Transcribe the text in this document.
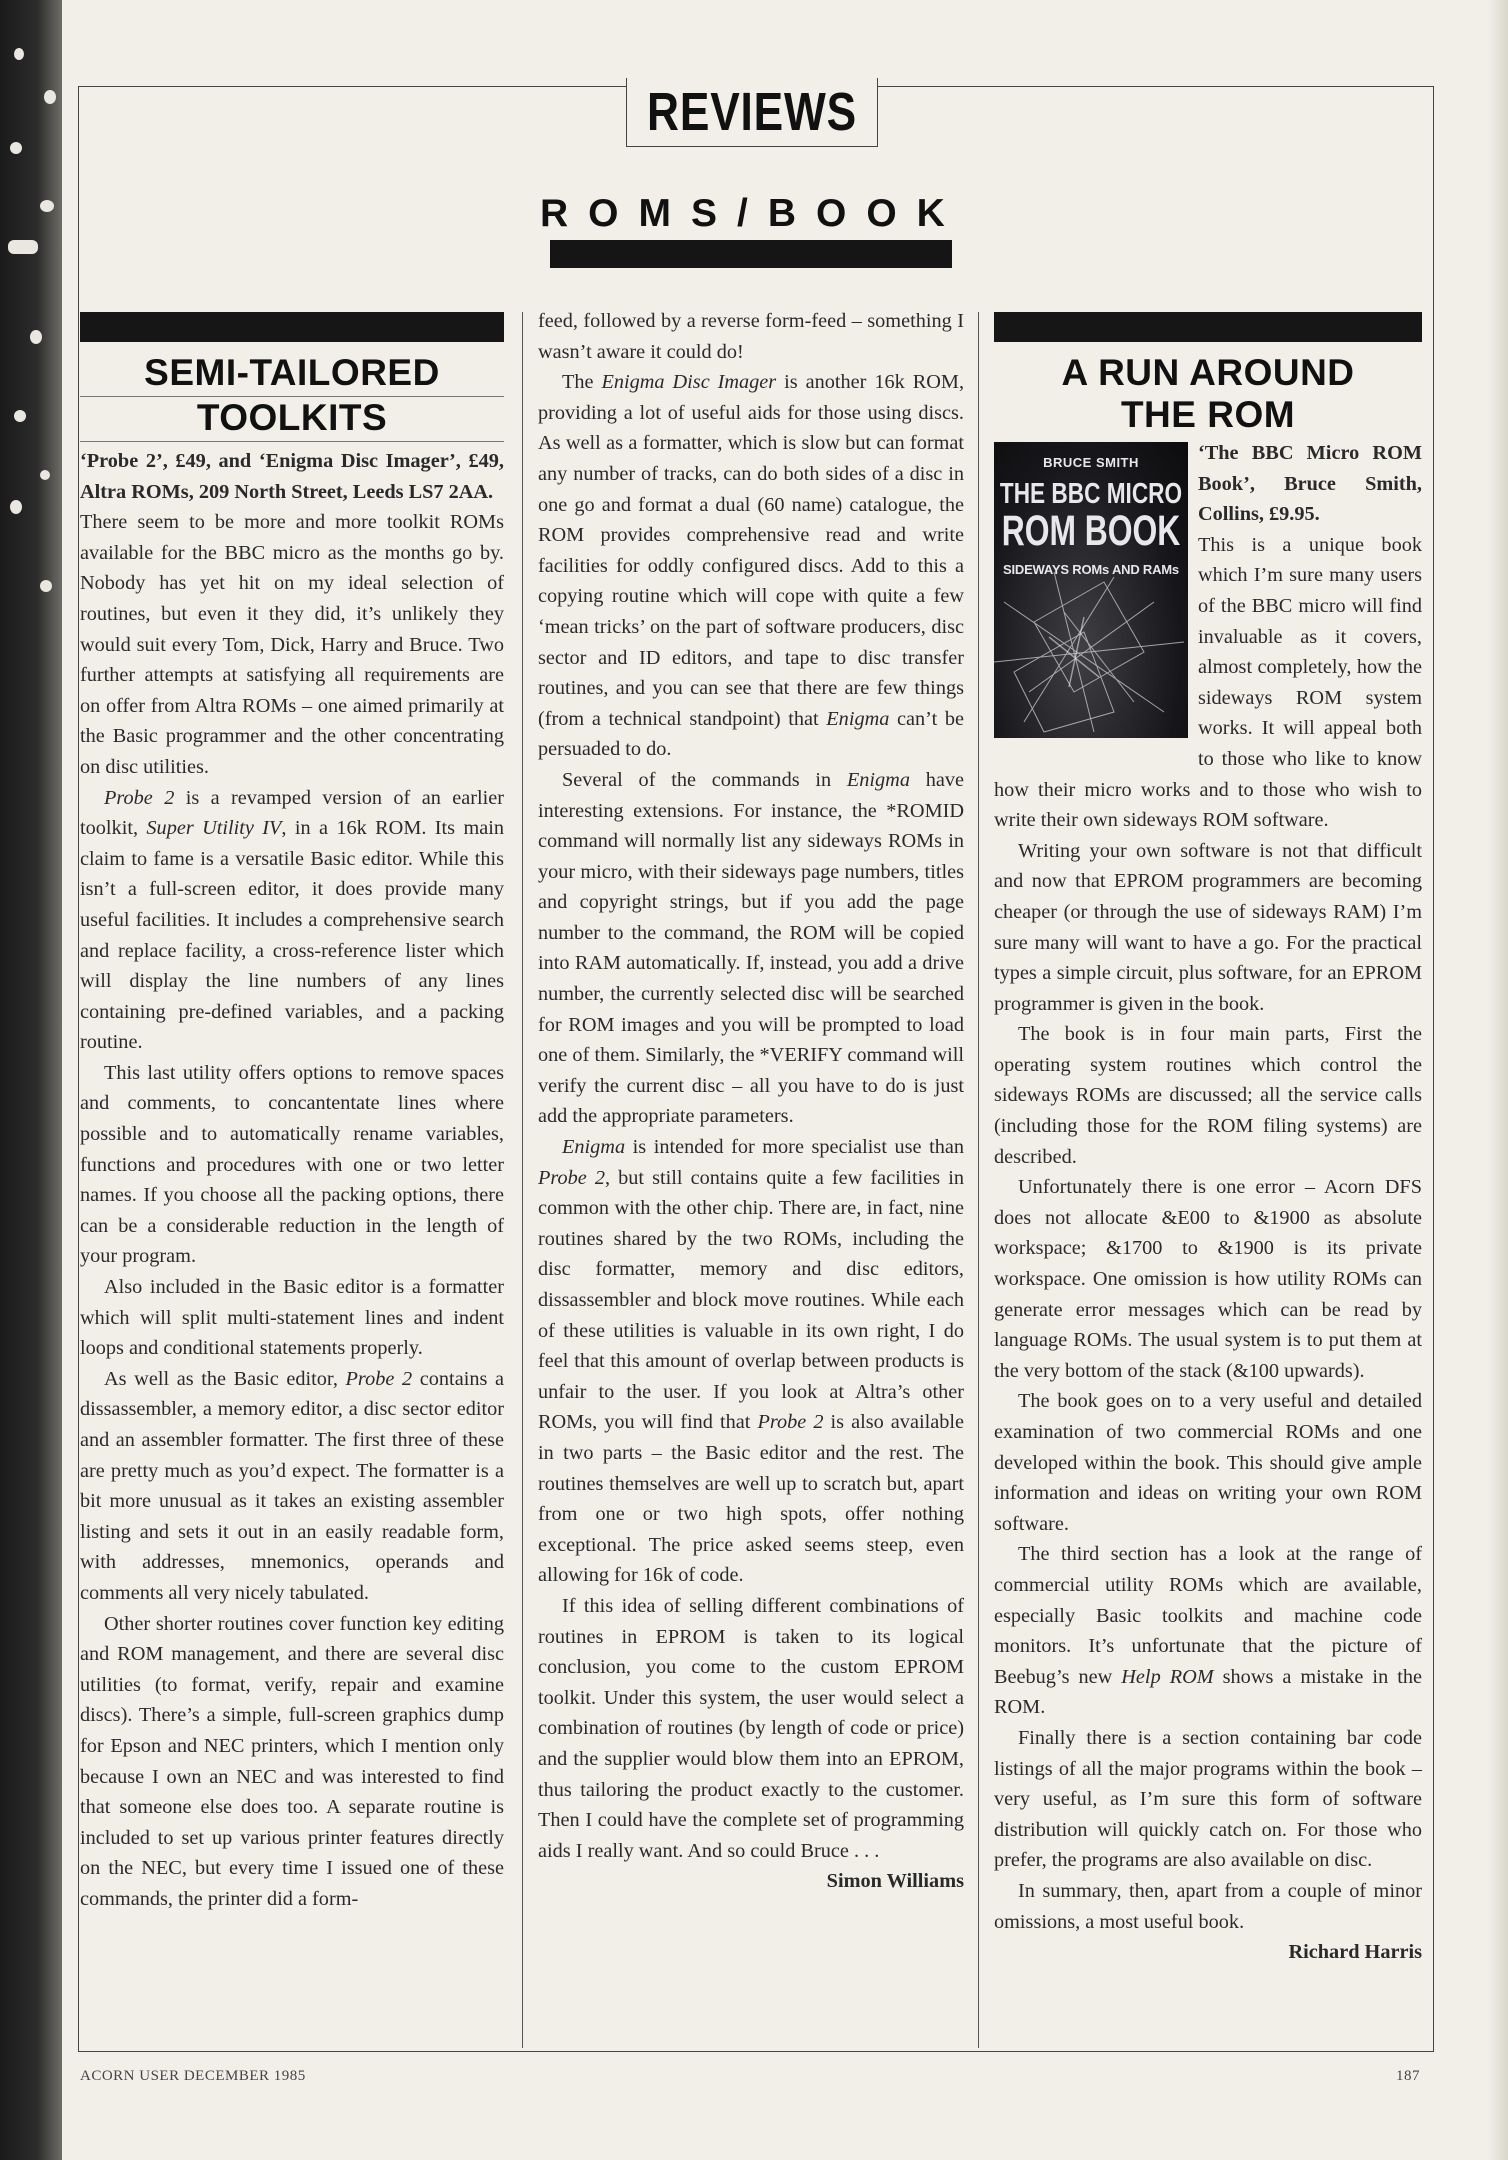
REVIEWS
ROMS/BOOK
SEMI-TAILORED
TOOLKITS

‘Probe 2’, £49, and ‘Enigma Disc Imager’, £49, Altra ROMs, 209 North Street, Leeds LS7 2AA.

There seem to be more and more toolkit ROMs available for the BBC micro as the months go by. Nobody has yet hit on my ideal selection of routines, but even it they did, it’s unlikely they would suit every Tom, Dick, Harry and Bruce. Two further attempts at satisfying all requirements are on offer from Altra ROMs – one aimed primarily at the Basic programmer and the other concentrating on disc utilities.

Probe 2 is a revamped version of an earlier toolkit, Super Utility IV, in a 16k ROM. Its main claim to fame is a versatile Basic editor. While this isn’t a full-screen editor, it does provide many useful facilities. It includes a comprehensive search and replace facility, a cross-reference lister which will display the line numbers of any lines containing pre-defined variables, and a packing routine.

This last utility offers options to remove spaces and comments, to concantentate lines where possible and to automatically rename variables, functions and procedures with one or two letter names. If you choose all the packing options, there can be a considerable reduction in the length of your program.

Also included in the Basic editor is a formatter which will split multi-statement lines and indent loops and conditional statements properly.

As well as the Basic editor, Probe 2 contains a dissassembler, a memory editor, a disc sector editor and an assembler formatter. The first three of these are pretty much as you’d expect. The formatter is a bit more unusual as it takes an existing assembler listing and sets it out in an easily readable form, with addresses, mnemonics, operands and comments all very nicely tabulated.

Other shorter routines cover function key editing and ROM management, and there are several disc utilities (to format, verify, repair and examine discs). There’s a simple, full-screen graphics dump for Epson and NEC printers, which I mention only because I own an NEC and was interested to find that someone else does too. A separate routine is included to set up various printer features directly on the NEC, but every time I issued one of these commands, the printer did a form-

feed, followed by a reverse form-feed – something I wasn’t aware it could do!

The Enigma Disc Imager is another 16k ROM, providing a lot of useful aids for those using discs. As well as a formatter, which is slow but can format any number of tracks, can do both sides of a disc in one go and format a dual (60 name) catalogue, the ROM provides comprehensive read and write facilities for oddly configured discs. Add to this a copying routine which will cope with quite a few ‘mean tricks’ on the part of software producers, disc sector and ID editors, and tape to disc transfer routines, and you can see that there are few things (from a technical standpoint) that Enigma can’t be persuaded to do.

Several of the commands in Enigma have interesting extensions. For instance, the *ROMID command will normally list any sideways ROMs in your micro, with their sideways page numbers, titles and copyright strings, but if you add the page number to the command, the ROM will be copied into RAM automatically. If, instead, you add a drive number, the currently selected disc will be searched for ROM images and you will be prompted to load one of them. Similarly, the *VERIFY command will verify the current disc – all you have to do is just add the appropriate parameters.

Enigma is intended for more specialist use than Probe 2, but still contains quite a few facilities in common with the other chip. There are, in fact, nine routines shared by the two ROMs, including the disc formatter, memory and disc editors, dissassembler and block move routines. While each of these utilities is valuable in its own right, I do feel that this amount of overlap between products is unfair to the user. If you look at Altra’s other ROMs, you will find that Probe 2 is also available in two parts – the Basic editor and the rest. The routines themselves are well up to scratch but, apart from one or two high spots, offer nothing exceptional. The price asked seems steep, even allowing for 16k of code.

If this idea of selling different combinations of routines in EPROM is taken to its logical conclusion, you come to the custom EPROM toolkit. Under this system, the user would select a combination of routines (by length of code or price) and the supplier would blow them into an EPROM, thus tailoring the product exactly to the customer. Then I could have the complete set of programming aids I really want. And so could Bruce . . .

Simon Williams

A RUN AROUND
THE ROM
BRUCE SMITH
THE BBC MICRO
ROM BOOK
SIDEWAYS ROMs AND RAMs

‘The BBC Micro ROM Book’, Bruce Smith, Collins, £9.95.

This is a unique book which I’m sure many users of the BBC micro will find invaluable as it covers, almost completely, how the sideways ROM system works. It will appeal both to those who like to know how their micro works and to those who wish to write their own sideways ROM software.

Writing your own software is not that difficult and now that EPROM programmers are becoming cheaper (or through the use of sideways RAM) I’m sure many will want to have a go. For the practical types a simple circuit, plus software, for an EPROM programmer is given in the book.

The book is in four main parts, First the operating system routines which control the sideways ROMs are discussed; all the service calls (including those for the ROM filing systems) are described.

Unfortunately there is one error – Acorn DFS does not allocate &E00 to &1900 as absolute workspace; &1700 to &1900 is its private workspace. One omission is how utility ROMs can generate error messages which can be read by language ROMs. The usual system is to put them at the very bottom of the stack (&100 upwards).

The book goes on to a very useful and detailed examination of two commercial ROMs and one developed within the book. This should give ample information and ideas on writing your own ROM software.

The third section has a look at the range of commercial utility ROMs which are available, especially Basic toolkits and machine code monitors. It’s unfortunate that the picture of Beebug’s new Help ROM shows a mistake in the ROM.

Finally there is a section containing bar code listings of all the major programs within the book – very useful, as I’m sure this form of software distribution will quickly catch on. For those who prefer, the programs are also available on disc.

In summary, then, apart from a couple of minor omissions, a most useful book.

Richard Harris

ACORN USER DECEMBER 1985	187
